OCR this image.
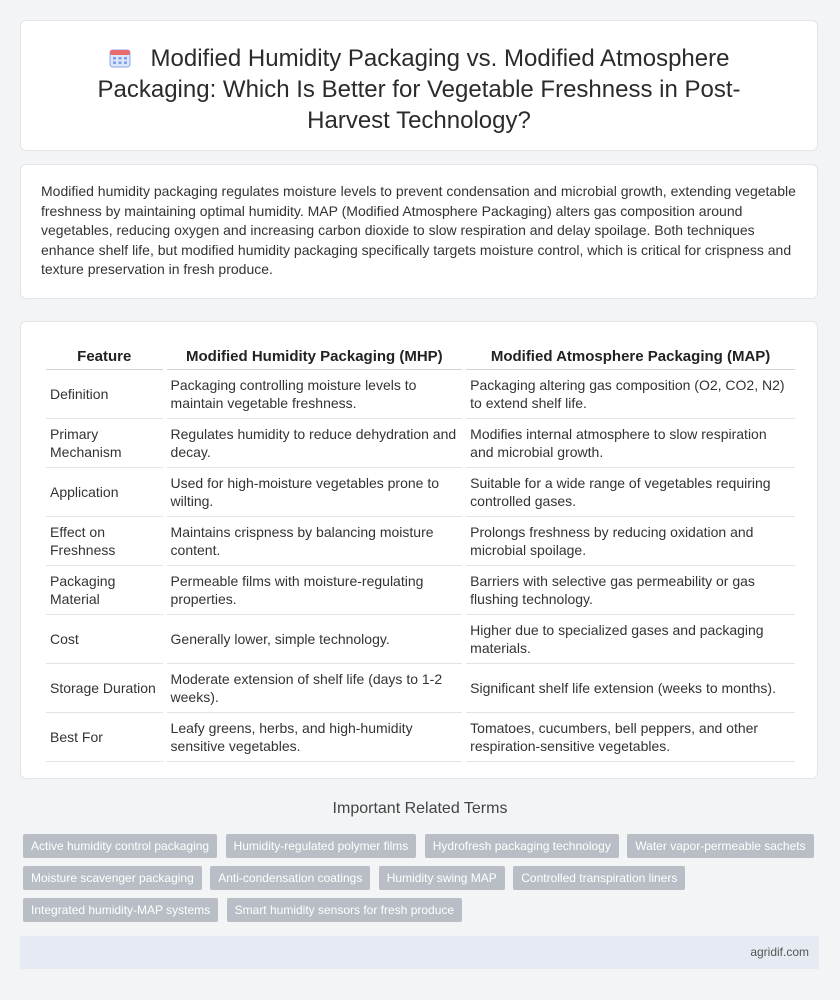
Modified Humidity Packaging vs. Modified Atmosphere Packaging: Which Is Better for Vegetable Freshness in Post-Harvest Technology?

Modified humidity packaging regulates moisture levels to prevent condensation and microbial growth, extending vegetable freshness by maintaining optimal humidity. MAP (Modified Atmosphere Packaging) alters gas composition around vegetables, reducing oxygen and increasing carbon dioxide to slow respiration and delay spoilage. Both techniques enhance shelf life, but modified humidity packaging specifically targets moisture control, which is critical for crispness and texture preservation in fresh produce.

Feature	Modified Humidity Packaging (MHP)	Modified Atmosphere Packaging (MAP)
Definition	Packaging controlling moisture levels to maintain vegetable freshness.	Packaging altering gas composition (O2, CO2, N2) to extend shelf life.
Primary Mechanism	Regulates humidity to reduce dehydration and decay.	Modifies internal atmosphere to slow respiration and microbial growth.
Application	Used for high-moisture vegetables prone to wilting.	Suitable for a wide range of vegetables requiring controlled gases.
Effect on Freshness	Maintains crispness by balancing moisture content.	Prolongs freshness by reducing oxidation and microbial spoilage.
Packaging Material	Permeable films with moisture-regulating properties.	Barriers with selective gas permeability or gas flushing technology.
Cost	Generally lower, simple technology.	Higher due to specialized gases and packaging materials.
Storage Duration	Moderate extension of shelf life (days to 1-2 weeks).	Significant shelf life extension (weeks to months).
Best For	Leafy greens, herbs, and high-humidity sensitive vegetables.	Tomatoes, cucumbers, bell peppers, and other respiration-sensitive vegetables.
Important Related Terms
Active humidity control packaging Humidity-regulated polymer films Hydrofresh packaging technology Water vapor-permeable sachets Moisture scavenger packaging Anti-condensation coatings Humidity swing MAP Controlled transpiration liners Integrated humidity-MAP systems Smart humidity sensors for fresh produce
agridif.com
